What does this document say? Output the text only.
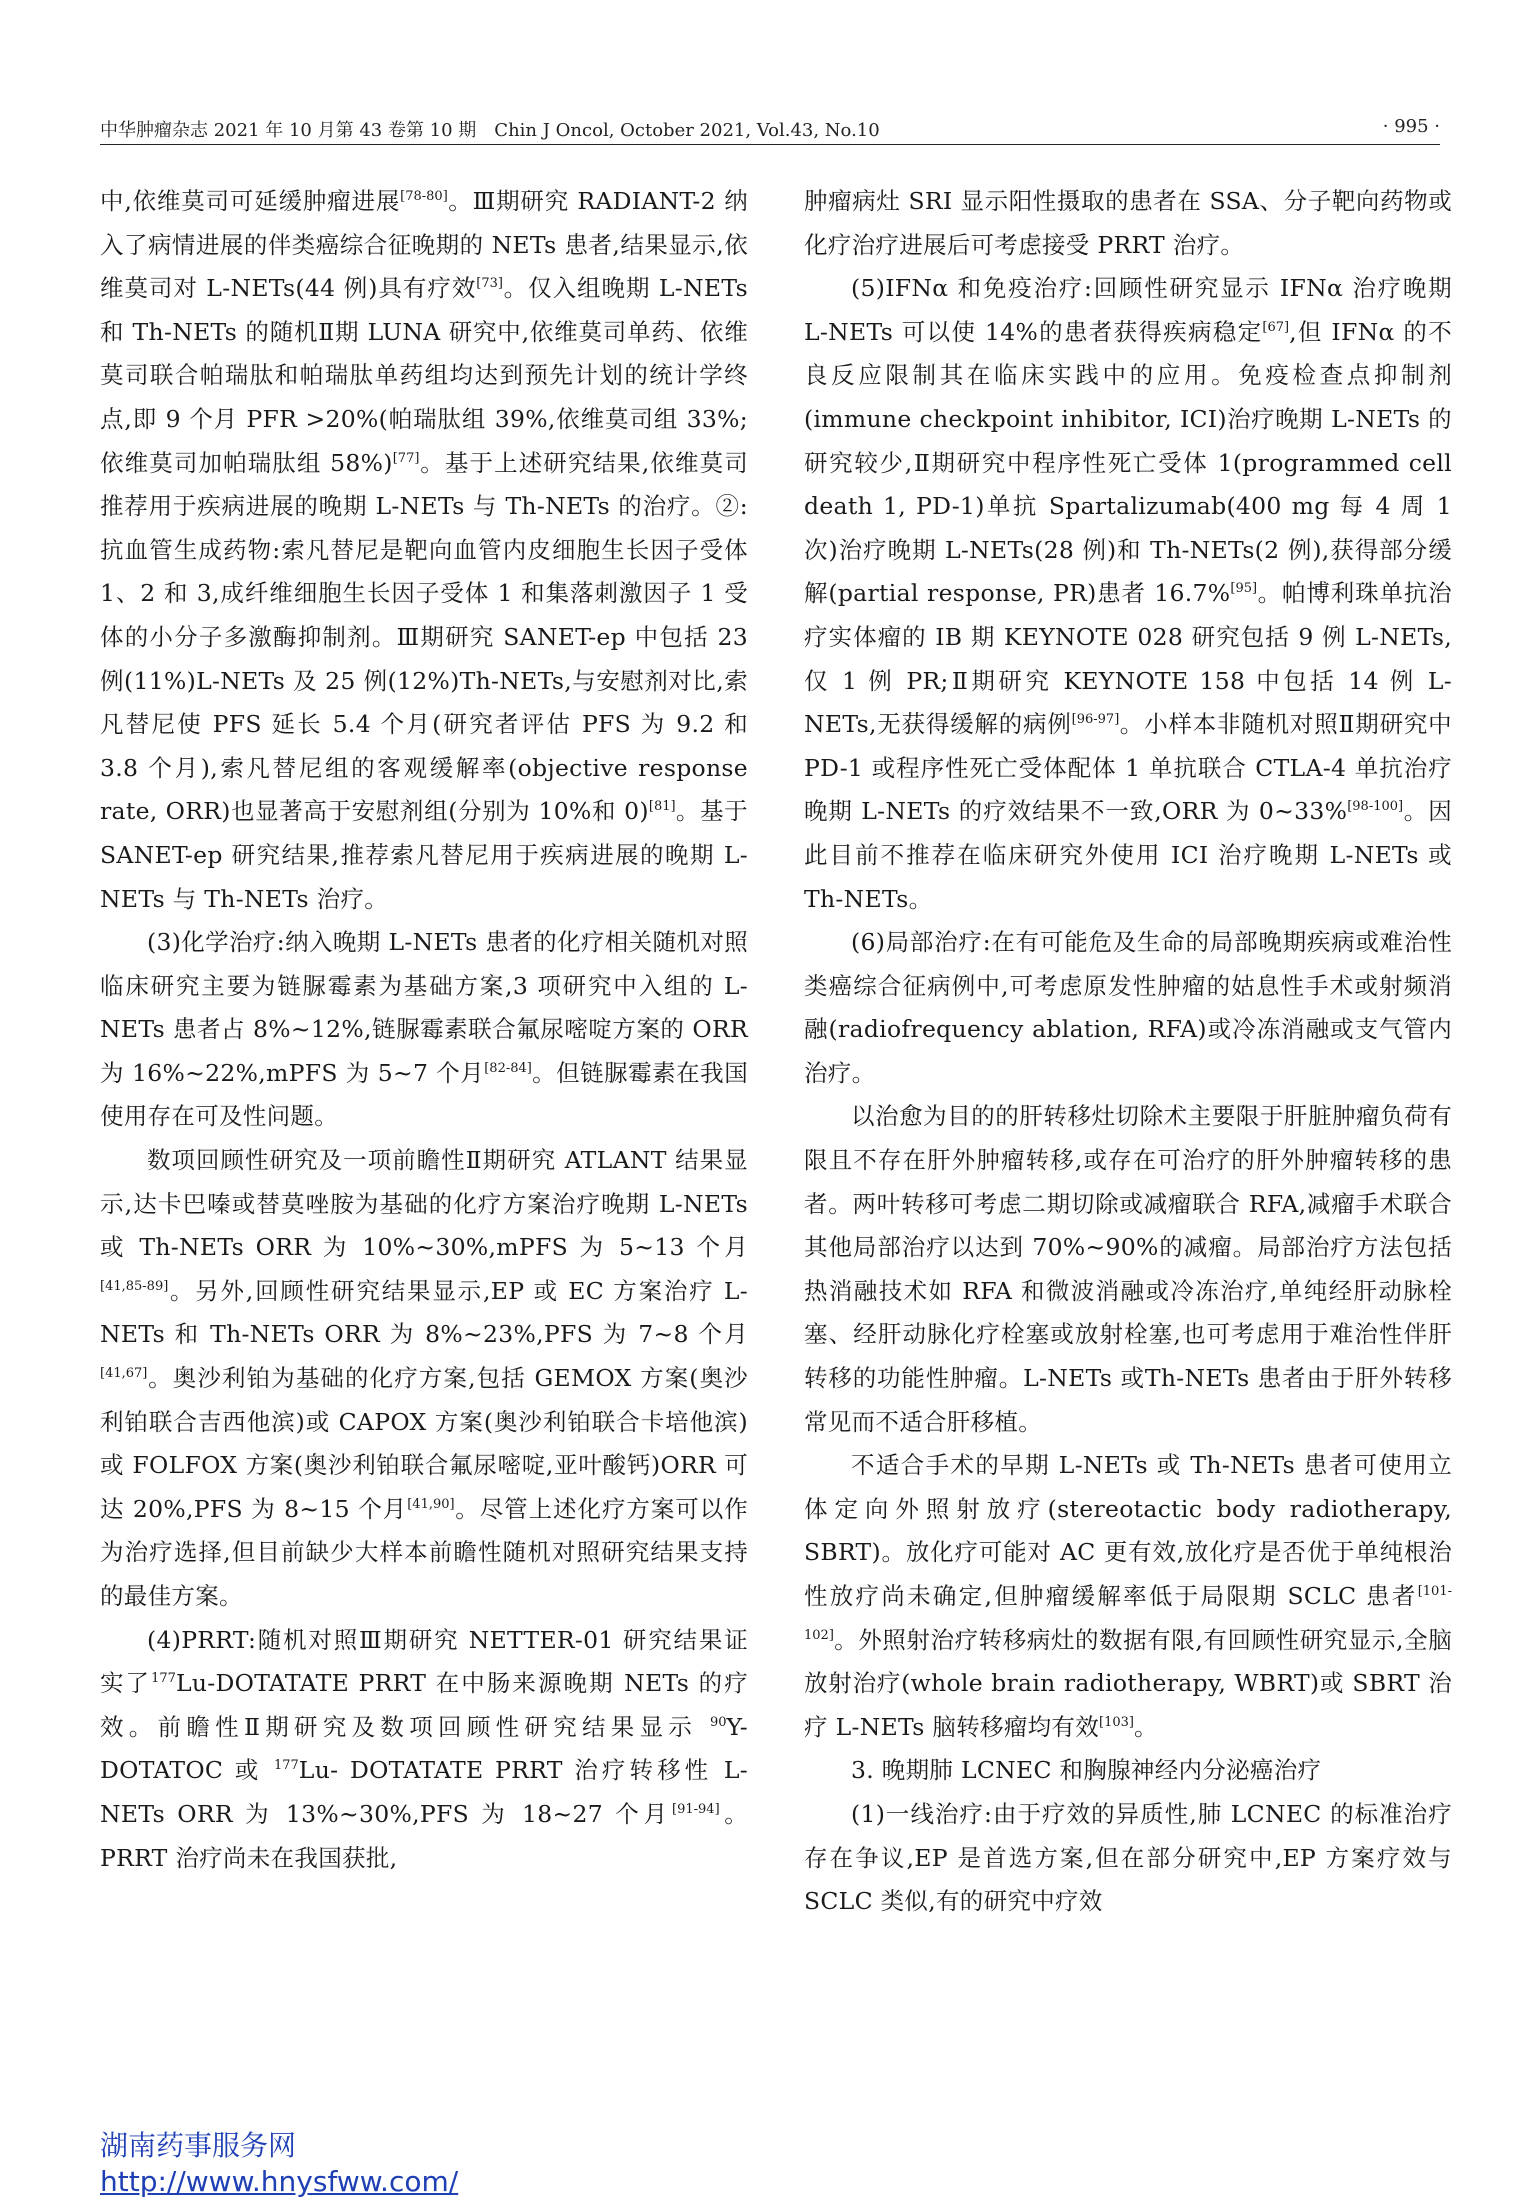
中华肿瘤杂志 2021 年 10 月第 43 卷第 10 期 Chin J Oncol, October 2021, Vol.43, No.10	· 995 ·

中,依维莫司可延缓肿瘤进展[78-80]。Ⅲ期研究 RADIANT-2 纳入了病情进展的伴类癌综合征晚期的 NETs 患者,结果显示,依维莫司对 L-NETs(44 例)具有疗效[73]。仅入组晚期 L-NETs 和 Th-NETs 的随机Ⅱ期 LUNA 研究中,依维莫司单药、依维莫司联合帕瑞肽和帕瑞肽单药组均达到预先计划的统计学终点,即 9 个月 PFR >20%(帕瑞肽组 39%,依维莫司组 33%;依维莫司加帕瑞肽组 58%)[77]。基于上述研究结果,依维莫司推荐用于疾病进展的晚期 L-NETs 与 Th-NETs 的治疗。②:抗血管生成药物:索凡替尼是靶向血管内皮细胞生长因子受体 1、2 和 3,成纤维细胞生长因子受体 1 和集落刺激因子 1 受体的小分子多激酶抑制剂。Ⅲ期研究 SANET-ep 中包括 23 例(11%)L-NETs 及 25 例(12%)Th-NETs,与安慰剂对比,索凡替尼使 PFS 延长 5.4 个月(研究者评估 PFS 为 9.2 和 3.8 个月),索凡替尼组的客观缓解率(objective response rate, ORR)也显著高于安慰剂组(分别为 10%和 0)[81]。基于 SANET-ep 研究结果,推荐索凡替尼用于疾病进展的晚期 L-NETs 与 Th-NETs 治疗。

(3)化学治疗:纳入晚期 L-NETs 患者的化疗相关随机对照临床研究主要为链脲霉素为基础方案,3 项研究中入组的 L-NETs 患者占 8%~12%,链脲霉素联合氟尿嘧啶方案的 ORR 为 16%~22%,mPFS 为 5~7 个月[82-84]。但链脲霉素在我国使用存在可及性问题。

数项回顾性研究及一项前瞻性Ⅱ期研究 ATLANT 结果显示,达卡巴嗪或替莫唑胺为基础的化疗方案治疗晚期 L-NETs 或 Th-NETs ORR 为 10%~30%,mPFS 为 5~13 个月[41,85-89]。另外,回顾性研究结果显示,EP 或 EC 方案治疗 L-NETs 和 Th-NETs ORR 为 8%~23%,PFS 为 7~8 个月[41,67]。奥沙利铂为基础的化疗方案,包括 GEMOX 方案(奥沙利铂联合吉西他滨)或 CAPOX 方案(奥沙利铂联合卡培他滨)或 FOLFOX 方案(奥沙利铂联合氟尿嘧啶,亚叶酸钙)ORR 可达 20%,PFS 为 8~15 个月[41,90]。尽管上述化疗方案可以作为治疗选择,但目前缺少大样本前瞻性随机对照研究结果支持的最佳方案。

(4)PRRT:随机对照Ⅲ期研究 NETTER-01 研究结果证实了$^{177}$Lu-DOTATATE PRRT 在中肠来源晚期 NETs 的疗效。前瞻性Ⅱ期研究及数项回顾性研究结果显示 $^{90}$Y- DOTATOC 或 $^{177}$Lu- DOTATATE PRRT 治疗转移性 L-NETs ORR 为 13%~30%,PFS 为 18~27 个月[91-94]。PRRT 治疗尚未在我国获批,

肿瘤病灶 SRI 显示阳性摄取的患者在 SSA、分子靶向药物或化疗治疗进展后可考虑接受 PRRT 治疗。

(5)IFNα 和免疫治疗:回顾性研究显示 IFNα 治疗晚期 L-NETs 可以使 14%的患者获得疾病稳定[67],但 IFNα 的不良反应限制其在临床实践中的应用。免疫检查点抑制剂(immune checkpoint inhibitor, ICI)治疗晚期 L-NETs 的研究较少,Ⅱ期研究中程序性死亡受体 1(programmed cell death 1, PD-1)单抗 Spartalizumab(400 mg 每 4 周 1 次)治疗晚期 L-NETs(28 例)和 Th-NETs(2 例),获得部分缓解(partial response, PR)患者 16.7%[95]。帕博利珠单抗治疗实体瘤的 IB 期 KEYNOTE 028 研究包括 9 例 L-NETs,仅 1 例 PR;Ⅱ期研究 KEYNOTE 158 中包括 14 例 L-NETs,无获得缓解的病例[96-97]。小样本非随机对照Ⅱ期研究中 PD-1 或程序性死亡受体配体 1 单抗联合 CTLA-4 单抗治疗晚期 L-NETs 的疗效结果不一致,ORR 为 0~33%[98-100]。因此目前不推荐在临床研究外使用 ICI 治疗晚期 L-NETs 或 Th-NETs。

(6)局部治疗:在有可能危及生命的局部晚期疾病或难治性类癌综合征病例中,可考虑原发性肿瘤的姑息性手术或射频消融(radiofrequency ablation, RFA)或冷冻消融或支气管内治疗。

以治愈为目的的肝转移灶切除术主要限于肝脏肿瘤负荷有限且不存在肝外肿瘤转移,或存在可治疗的肝外肿瘤转移的患者。两叶转移可考虑二期切除或减瘤联合 RFA,减瘤手术联合其他局部治疗以达到 70%~90%的减瘤。局部治疗方法包括热消融技术如 RFA 和微波消融或冷冻治疗,单纯经肝动脉栓塞、经肝动脉化疗栓塞或放射栓塞,也可考虑用于难治性伴肝转移的功能性肿瘤。L-NETs 或Th-NETs 患者由于肝外转移常见而不适合肝移植。

不适合手术的早期 L-NETs 或 Th-NETs 患者可使用立体定向外照射放疗(stereotactic body radiotherapy, SBRT)。放化疗可能对 AC 更有效,放化疗是否优于单纯根治性放疗尚未确定,但肿瘤缓解率低于局限期 SCLC 患者[101-102]。外照射治疗转移病灶的数据有限,有回顾性研究显示,全脑放射治疗(whole brain radiotherapy, WBRT)或 SBRT 治疗 L-NETs 脑转移瘤均有效[103]。

3. 晚期肺 LCNEC 和胸腺神经内分泌癌治疗

(1)一线治疗:由于疗效的异质性,肺 LCNEC 的标准治疗存在争议,EP 是首选方案,但在部分研究中,EP 方案疗效与 SCLC 类似,有的研究中疗效

湖南药事服务网
http://www.hnysfww.com/
